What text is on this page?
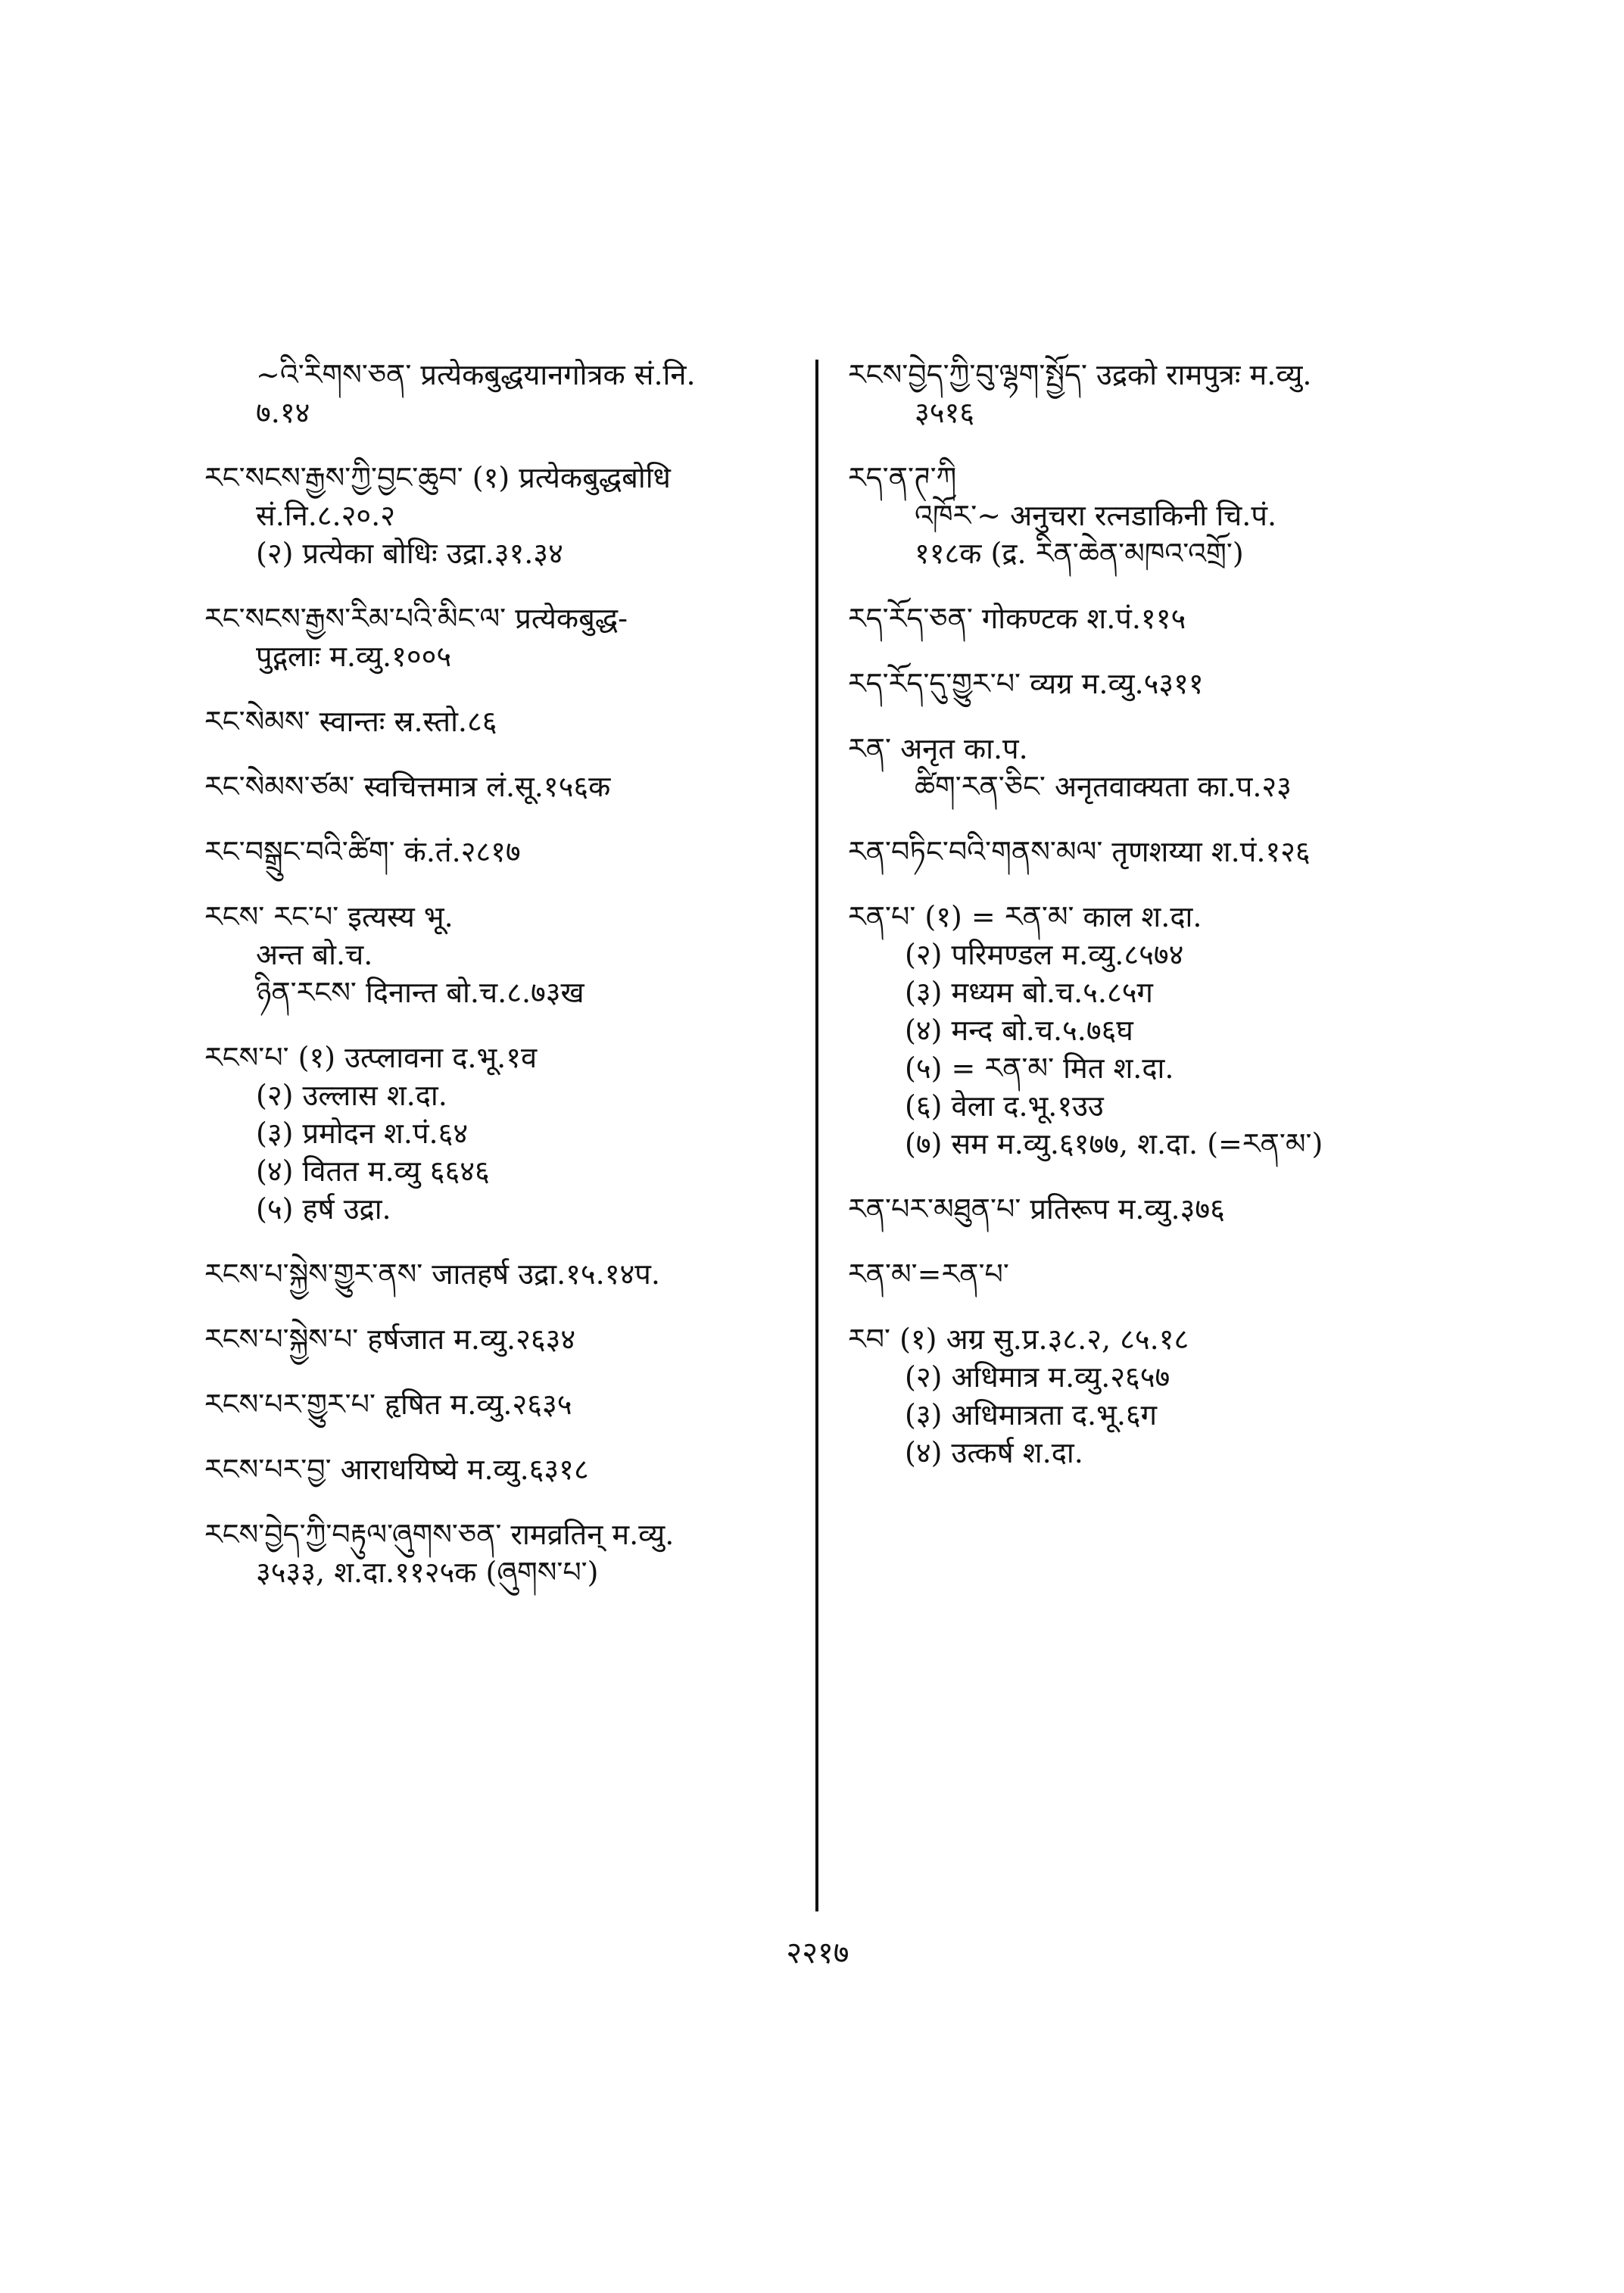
~འི་རིགས་ཅན་ प्रत्येकबुद्धयानगोत्रक सं.नि.
७.१४
རང་སངས་རྒྱས་ཀྱི་བྱང་ཆུབ་ (१) प्रत्येकबुद्धबोधि
सं.नि.८.२०.२
(२) प्रत्येका बोधिः उद्रा.३१.३४
རང་སངས་རྒྱས་རིམ་པའི་མིང་ལ་ प्रत्येकबुद्ध-
पुद्गलाः म.व्यु.१००५
རང་སེམས་ स्वान्तः स्र.स्तो.८६
རང་སེམས་ཙམ་ स्वचित्तमात्र लं.सू.१५६क
རང་བསྒྲུང་བའི་ཚིག་ कं.तं.२८१७
རངས་ རང་པ་ इत्यस्य भू.
अन्त बो.च.
ཉིན་རངས་ दिनान्त बो.च.८.७३ख
རངས་པ་ (१) उत्प्लावना द.भू.१व
(२) उल्लास श.दा.
(३) प्रमोदन श.पं.६४
(४) वितत म.व्यु ६६४६
(५) हर्ष उद्रा.
རངས་པ་སྐྱེས་གྱུར་ནས་ जातहर्ष उद्रा.१५.१४प.
རངས་པ་སྐྱེས་པ་ हर्षजात म.व्यु.२६३४
རངས་པར་གྱུར་པ་ हृषित म.व्यु.२६३५
རངས་པར་བྱ་ आराधयिष्ये म.व्यु.६३१८
རངས་བྱེད་ཀྱི་བརྟུལ་ཞུགས་ཅན་ रामव्रतिन् म.व्यु.
३५३३, श.दा.११२५क (ཞུགས་པ་)
རངས་བྱེད་ཀྱི་བུ་ལྷག་སྤྱོད་ उद्रको रामपुत्रः म.व्यु.
३५१६
རད་ན་ཊ་ཀི
འཁོར་~ अनुचरा रत्नडाकिनी चि.पं.
११८क (द्र. རིན་ཆེན་མཁའ་འགྲོ་)
རད་རོད་ཅན་ गोकण्टक श.पं.११५
རད་རོད་དུ་གྱུར་པ་ व्यग्र म.व्यु.५३११
རན་ अनृत का.प.
ཚིག་རན་ཅིང་ अनृतवाक्यता का.प.२३
རན་བཏིང་བའི་གནས་མལ་ तृणशय्या श.पं.१२६
རན་པ་ (१) = རན་མ་ काल श.दा.
(२) परिमण्डल म.व्यु.८५७४
(३) मध्यम बो.च.५.८५ग
(४) मन्द बो.च.५.७६घ
(५) = རན་མ་ मित श.दा.
(६) वेला द.भू.१उउ
(७) सम म.व्यु.६१७७, श.दा. (=རན་མ་)
རན་པར་མཐུན་པ་ प्रतिरूप म.व्यु.३७६
རན་མ་=རན་པ་
རབ་ (१) अग्र सु.प्र.३८.२, ८५.१८
(२) अधिमात्र म.व्यु.२६५७
(३) अधिमात्रता द.भू.६ग
(४) उत्कर्ष श.दा.
२२१७
